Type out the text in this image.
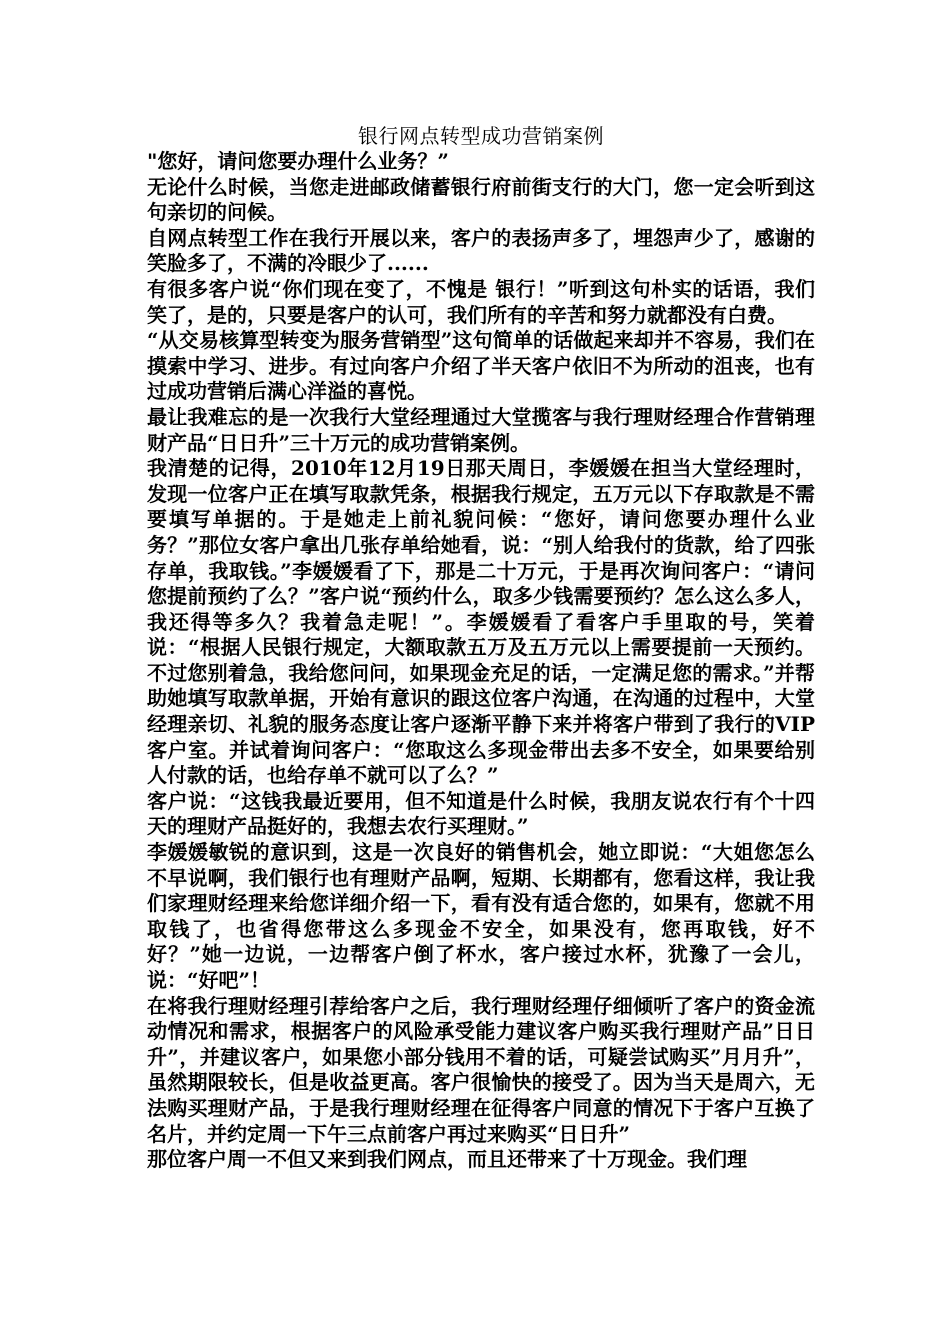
银行网点转型成功营销案例

"您好，请问您要办理什么业务？”

无论什么时候，当您走进邮政储蓄银行府前街支行的大门，您一定会听到这句亲切的问候。

自网点转型工作在我行开展以来，客户的表扬声多了，埋怨声少了，感谢的笑脸多了，不满的冷眼少了......

有很多客户说“你们现在变了，不愧是 银行！”听到这句朴实的话语，我们笑了，是的，只要是客户的认可，我们所有的辛苦和努力就都没有白费。

“从交易核算型转变为服务营销型”这句简单的话做起来却并不容易，我们在摸索中学习、进步。有过向客户介绍了半天客户依旧不为所动的沮丧，也有过成功营销后满心洋溢的喜悦。

最让我难忘的是一次我行大堂经理通过大堂揽客与我行理财经理合作营销理财产品“日日升”三十万元的成功营销案例。

我清楚的记得，2010年12月19日那天周日，李媛媛在担当大堂经理时，发现一位客户正在填写取款凭条，根据我行规定，五万元以下存取款是不需要填写单据的。于是她走上前礼貌问候：“您好，请问您要办理什么业务？”那位女客户拿出几张存单给她看，说：“别人给我付的货款，给了四张存单，我取钱。”李媛媛看了下，那是二十万元，于是再次询问客户：“请问您提前预约了么？”客户说“预约什么，取多少钱需要预约？怎么这么多人，我还得等多久？我着急走呢！”。李媛媛看了看客户手里取的号，笑着说：“根据人民银行规定，大额取款五万及五万元以上需要提前一天预约。不过您别着急，我给您问问，如果现金充足的话，一定满足您的需求。”并帮助她填写取款单据，开始有意识的跟这位客户沟通，在沟通的过程中，大堂经理亲切、礼貌的服务态度让客户逐渐平静下来并将客户带到了我行的VIP客户室。并试着询问客户：“您取这么多现金带出去多不安全，如果要给别人付款的话，也给存单不就可以了么？”

客户说：“这钱我最近要用，但不知道是什么时候，我朋友说农行有个十四天的理财产品挺好的，我想去农行买理财。”

李媛媛敏锐的意识到，这是一次良好的销售机会，她立即说：“大姐您怎么不早说啊，我们银行也有理财产品啊，短期、长期都有，您看这样，我让我们家理财经理来给您详细介绍一下，看有没有适合您的，如果有，您就不用取钱了，也省得您带这么多现金不安全，如果没有，您再取钱，好不好？”她一边说，一边帮客户倒了杯水，客户接过水杯，犹豫了一会儿，说：“好吧”！

在将我行理财经理引荐给客户之后，我行理财经理仔细倾听了客户的资金流动情况和需求，根据客户的风险承受能力建议客户购买我行理财产品”日日升”，并建议客户，如果您小部分钱用不着的话，可疑尝试购买”月月升”，虽然期限较长，但是收益更高。客户很愉快的接受了。因为当天是周六，无法购买理财产品，于是我行理财经理在征得客户同意的情况下于客户互换了名片，并约定周一下午三点前客户再过来购买“日日升”

那位客户周一不但又来到我们网点，而且还带来了十万现金。我们理
